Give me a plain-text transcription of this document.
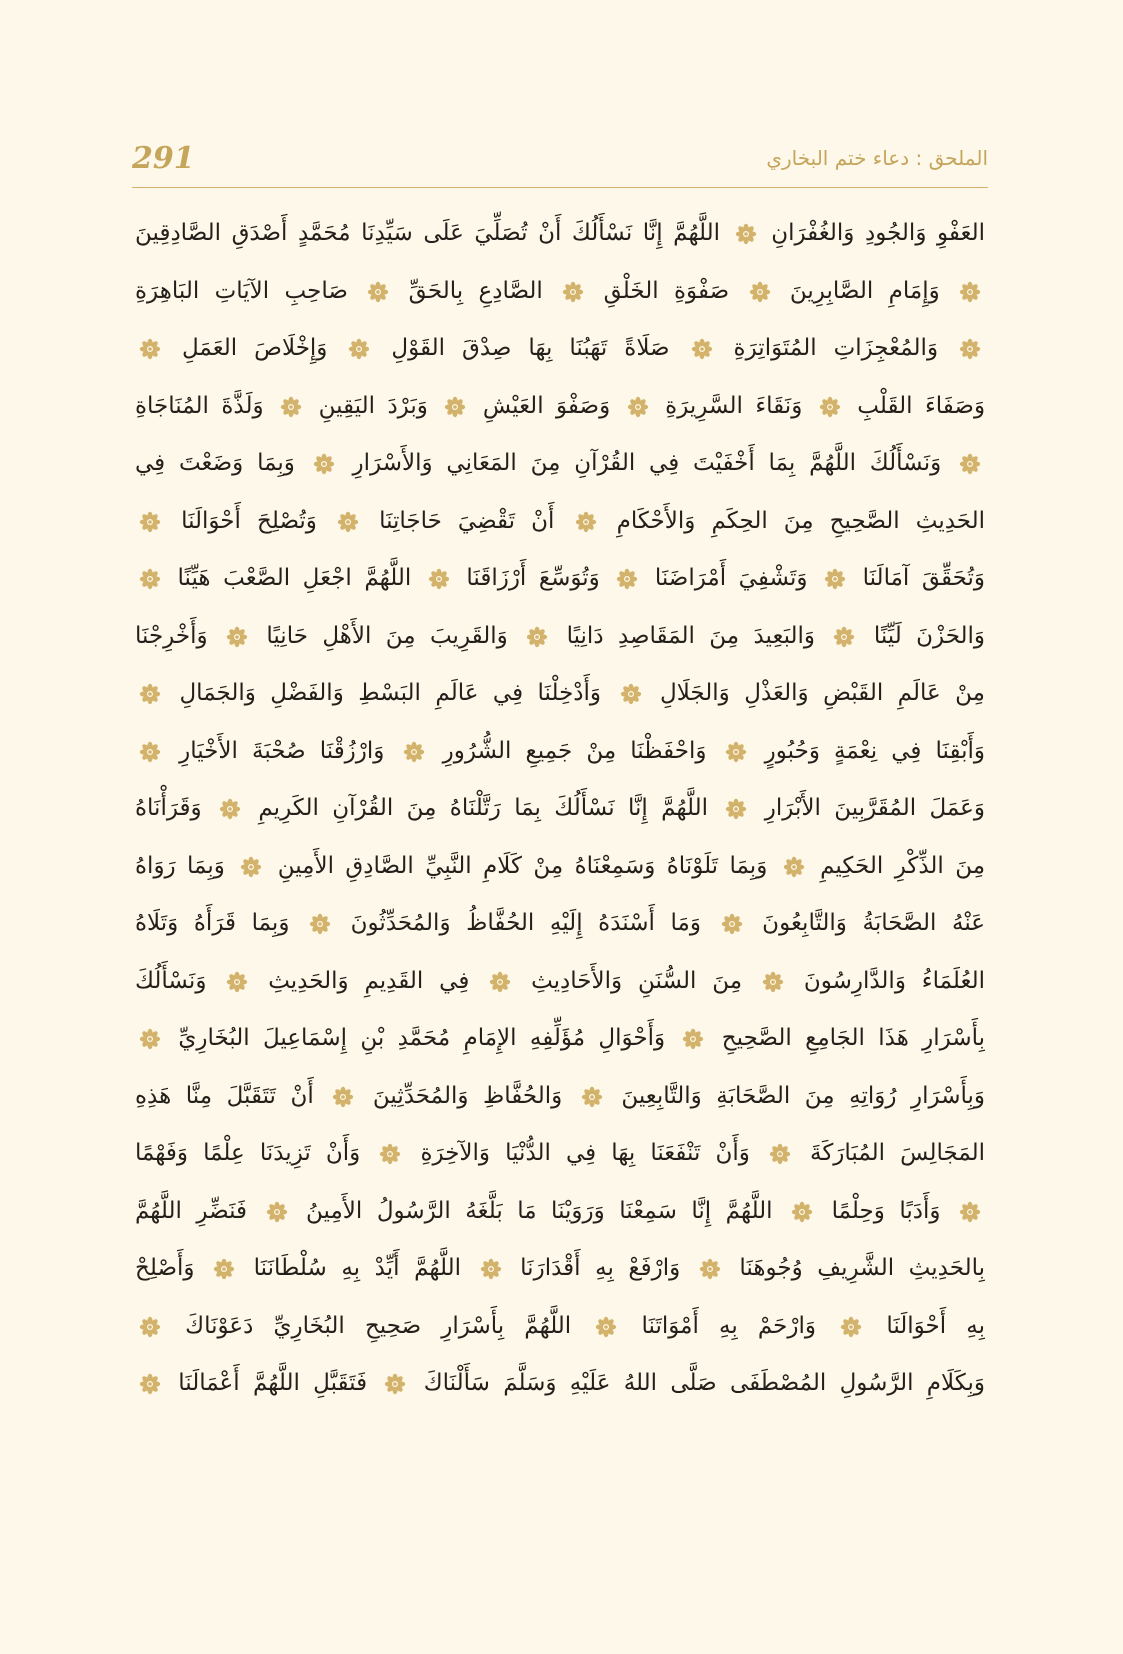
291	الملحق : دعاء ختم البخاري
العَفْوِ وَالجُودِ وَالغُفْرَانِ
اللَّهُمَّ إِنَّا نَسْأَلُكَ أَنْ تُصَلِّيَ عَلَى سَيِّدِنَا مُحَمَّدٍ أَصْدَقِ الصَّادِقِينَ
وَإِمَامِ الصَّابِرِينَ
صَفْوَةِ الخَلْقِ
الصَّادِعِ بِالحَقِّ
صَاحِبِ الآيَاتِ البَاهِرَةِ
وَالمُعْجِزَاتِ المُتَوَاتِرَةِ
صَلَاةً تَهَبُنَا بِهَا صِدْقَ القَوْلِ
وَإِخْلَاصَ العَمَلِ
وَصَفَاءَ القَلْبِ
وَنَقَاءَ السَّرِيرَةِ
وَصَفْوَ العَيْشِ
وَبَرْدَ اليَقِينِ
وَلَذَّةَ المُنَاجَاةِ
وَنَسْأَلُكَ اللَّهُمَّ بِمَا أَخْفَيْتَ فِي القُرْآنِ مِنَ المَعَانِي وَالأَسْرَارِ
وَبِمَا وَضَعْتَ فِي
الحَدِيثِ الصَّحِيحِ مِنَ الحِكَمِ وَالأَحْكَامِ
أَنْ تَقْضِيَ حَاجَاتِنَا
وَتُصْلِحَ أَحْوَالَنَا
وَتُحَقِّقَ آمَالَنَا
وَتَشْفِيَ أَمْرَاضَنَا
وَتُوَسِّعَ أَرْزَاقَنَا
اللَّهُمَّ اجْعَلِ الصَّعْبَ هَيِّنًا
وَالحَزْنَ لَيِّنًا
وَالبَعِيدَ مِنَ المَقَاصِدِ دَانِيًا
وَالقَرِيبَ مِنَ الأَهْلِ حَانِيًا
وَأَخْرِجْنَا
مِنْ عَالَمِ القَبْضِ وَالعَذْلِ وَالجَلَالِ
وَأَدْخِلْنَا فِي عَالَمِ البَسْطِ وَالفَضْلِ وَالجَمَالِ
وَأَبْقِنَا فِي نِعْمَةٍ وَحُبُورٍ
وَاحْفَظْنَا مِنْ جَمِيعِ الشُّرُورِ
وَارْزُقْنَا صُحْبَةَ الأَخْيَارِ
وَعَمَلَ المُقَرَّبِينَ الأَبْرَارِ
اللَّهُمَّ إِنَّا نَسْأَلُكَ بِمَا رَتَّلْنَاهُ مِنَ القُرْآنِ الكَرِيمِ
وَقَرَأْنَاهُ
مِنَ الذِّكْرِ الحَكِيمِ
وَبِمَا تَلَوْنَاهُ وَسَمِعْنَاهُ مِنْ كَلَامِ النَّبِيِّ الصَّادِقِ الأَمِينِ
وَبِمَا رَوَاهُ
عَنْهُ الصَّحَابَةُ وَالتَّابِعُونَ
وَمَا أَسْنَدَهُ إِلَيْهِ الحُفَّاظُ وَالمُحَدِّثُونَ
وَبِمَا قَرَأَهُ وَتَلَاهُ
العُلَمَاءُ وَالدَّارِسُونَ
مِنَ السُّنَنِ وَالأَحَادِيثِ
فِي القَدِيمِ وَالحَدِيثِ
وَنَسْأَلُكَ
بِأَسْرَارِ هَذَا الجَامِعِ الصَّحِيحِ
وَأَحْوَالِ مُؤَلِّفِهِ الإِمَامِ مُحَمَّدِ بْنِ إِسْمَاعِيلَ البُخَارِيِّ
وَبِأَسْرَارِ رُوَاتِهِ مِنَ الصَّحَابَةِ وَالتَّابِعِينَ
وَالحُفَّاظِ وَالمُحَدِّثِينَ
أَنْ تَتَقَبَّلَ مِنَّا هَذِهِ
المَجَالِسَ المُبَارَكَةَ
وَأَنْ تَنْفَعَنَا بِهَا فِي الدُّنْيَا وَالآخِرَةِ
وَأَنْ تَزِيدَنَا عِلْمًا وَفَهْمًا
وَأَدَبًا وَحِلْمًا
اللَّهُمَّ إِنَّا سَمِعْنَا وَرَوَيْنَا مَا بَلَّغَهُ الرَّسُولُ الأَمِينُ
فَنَضِّرِ اللَّهُمَّ
بِالحَدِيثِ الشَّرِيفِ وُجُوهَنَا
وَارْفَعْ بِهِ أَقْدَارَنَا
اللَّهُمَّ أَيِّدْ بِهِ سُلْطَانَنَا
وَأَصْلِحْ
بِهِ أَحْوَالَنَا
وَارْحَمْ بِهِ أَمْوَاتَنَا
اللَّهُمَّ بِأَسْرَارِ صَحِيحِ البُخَارِيِّ دَعَوْنَاكَ
وَبِكَلَامِ الرَّسُولِ المُصْطَفَى صَلَّى اللهُ عَلَيْهِ وَسَلَّمَ سَأَلْنَاكَ
فَتَقَبَّلِ اللَّهُمَّ أَعْمَالَنَا
